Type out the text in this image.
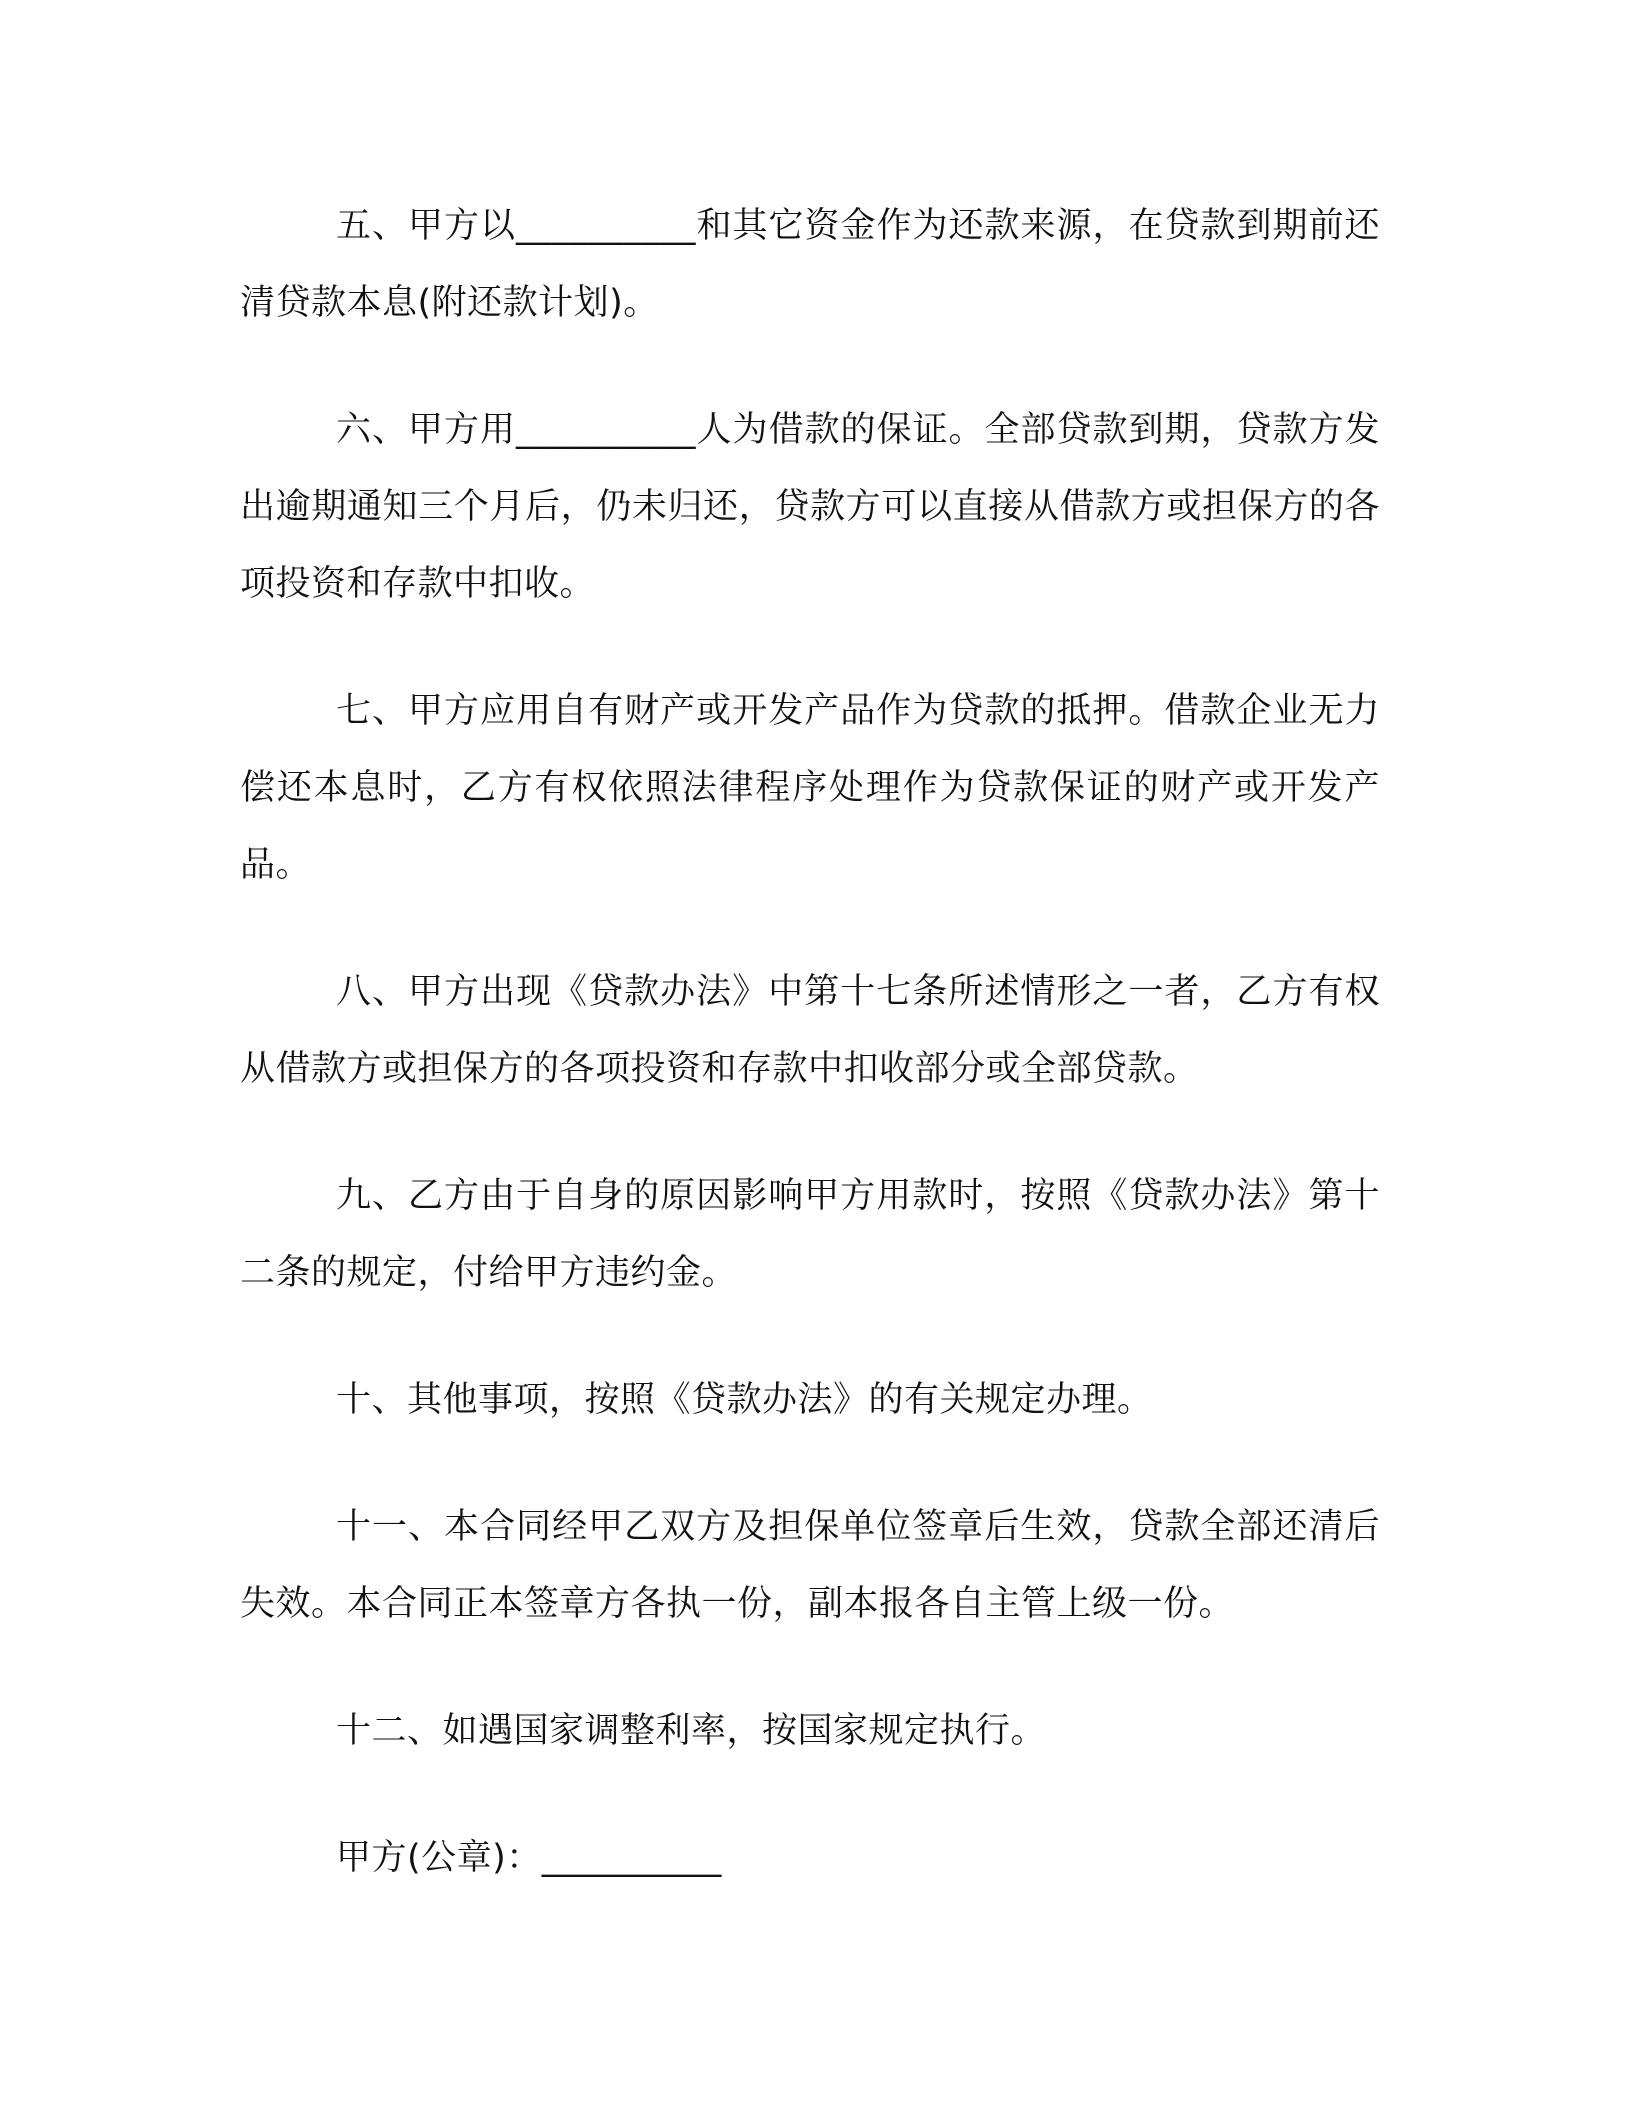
五、甲方以__________和其它资金作为还款来源，在贷款到期前还清贷款本息(附还款计划)。

六、甲方用__________人为借款的保证。全部贷款到期，贷款方发出逾期通知三个月后，仍未归还，贷款方可以直接从借款方或担保方的各项投资和存款中扣收。

七、甲方应用自有财产或开发产品作为贷款的抵押。借款企业无力偿还本息时，乙方有权依照法律程序处理作为贷款保证的财产或开发产品。

八、甲方出现《贷款办法》中第十七条所述情形之一者，乙方有权从借款方或担保方的各项投资和存款中扣收部分或全部贷款。

九、乙方由于自身的原因影响甲方用款时，按照《贷款办法》第十二条的规定，付给甲方违约金。

十、其他事项，按照《贷款办法》的有关规定办理。

十一、本合同经甲乙双方及担保单位签章后生效，贷款全部还清后失效。本合同正本签章方各执一份，副本报各自主管上级一份。

十二、如遇国家调整利率，按国家规定执行。

甲方(公章)：__________
